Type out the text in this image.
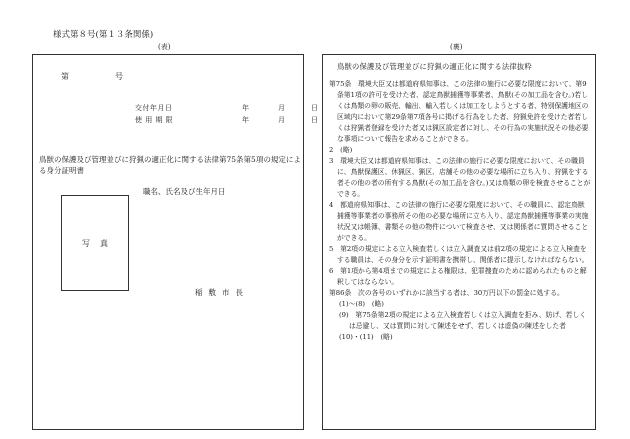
様式第８号(第１３条関係)
(表)	(裏)
第	号
交付年月日	年	月	日
使 用 期 限	年	月	日
鳥獣の保護及び管理並びに狩猟の適正化に関する法律第75条第5項の規定による身分証明書
職名、氏名及び生年月日
写真
稲敷市長
鳥獣の保護及び管理並びに狩猟の適正化に関する法律抜粋

第75条　環境大臣又は都道府県知事は、この法律の施行に必要な限度において、第9条第1項の許可を受けた者、認定鳥獣捕獲等事業者、鳥獣(その加工品を含む。)若しくは鳥類の卵の販売、輸出、輸入若しくは加工をしようとする者、特別保護地区の区域内において第29条第7項各号に掲げる行為をした者、狩猟免許を受けた者若しくは狩猟者登録を受けた者又は猟区設定者に対し、その行為の実施状況その他必要な事項について報告を求めることができる。

2　(略)

3　環境大臣又は都道府県知事は、この法律の施行に必要な限度において、その職員に、鳥獣保護区、休猟区、猟区、店舗その他の必要な場所に立ち入り、狩猟をする者その他の者の所有する鳥獣(その加工品を含む。)又は鳥類の卵を検査させることができる。

4　都道府県知事は、この法律の施行に必要な限度において、その職員に、認定鳥獣捕獲等事業者の事務所その他の必要な場所に立ち入り、認定鳥獣捕獲等事業の実施状況又は帳簿、書類その他の物件について検査させ、又は関係者に質問させることができる。

5　第2項の規定による立入検査若しくは立入調査又は前2項の規定による立入検査をする職員は、その身分を示す証明書を携帯し、関係者に提示しなければならない。

6　第1項から第4項までの規定による権限は、犯罪捜査のために認められたものと解釈してはならない。

第86条　次の各号のいずれかに該当する者は、30万円以下の罰金に処する。

(1)～(8)　(略)

(9)　第75条第2項の規定による立入検査若しくは立入調査を拒み、妨げ、若しくは忌避し、又は質問に対して陳述をせず、若しくは虚偽の陳述をした者

(10)・(11)　(略)
